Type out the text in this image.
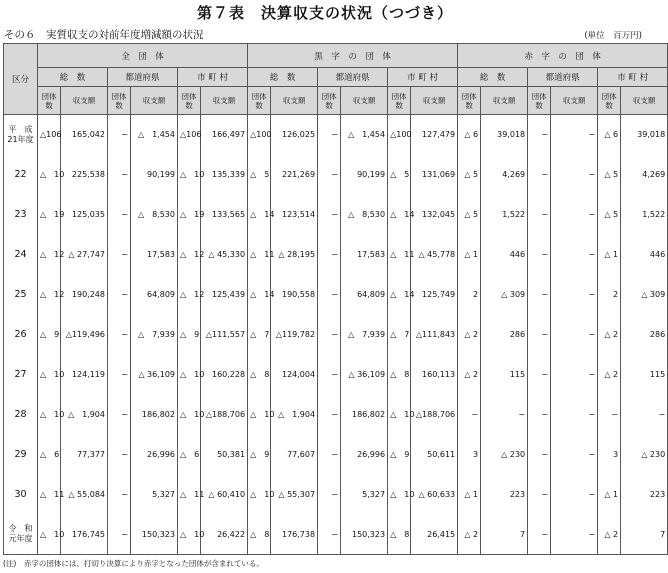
第７表　決算収支の状況（つづき）
その６　実質収支の対前年度増減額の状況	(単位　百万円)
区分	全　団　体						黒　字　の　団　体						赤　字　の　団　体					
	総　数		都道府県		市 町 村		総　数		都道府県		市 町 村		総　数		都道府県		市 町 村	
	団体数	収支額	団体数	収支額	団体数	収支額	団体数	収支額	団体数	収支額	団体数	収支額	団体数	収支額	団体数	収支額	団体数	収支額
平　成
21年度	△106	165,042	−	△　1,454	△106	166,497	△100	126,025	−	△　1,454	△100	127,479	△ 6	39,018	−	−	△ 6	39,018
22	△　10	225,538	−	90,199	△　10	135,339	△　5	221,269	−	90,199	△　5	131,069	△ 5	4,269	−	−	△ 5	4,269
23	△　19	125,035	−	△　8,530	△　19	133,565	△　14	123,514	−	△　8,530	△　14	132,045	△ 5	1,522	−	−	△ 5	1,522
24	△　12	△ 27,747	−	17,583	△　12	△ 45,330	△　11	△ 28,195	−	17,583	△　11	△ 45,778	△ 1	446	−	−	△ 1	446
25	△　12	190,248	−	64,809	△　12	125,439	△　14	190,558	−	64,809	△　14	125,749	2	△ 309	−	−	2	△ 309
26	△　9	△119,496	−	△　7,939	△　9	△111,557	△　7	△119,782	−	△　7,939	△　7	△111,843	△ 2	286	−	−	△ 2	286
27	△　10	124,119	−	△ 36,109	△　10	160,228	△　8	124,004	−	△ 36,109	△　8	160,113	△ 2	115	−	−	△ 2	115
28	△　10	△　1,904	−	186,802	△　10	△188,706	△　10	△　1,904	−	186,802	△　10	△188,706	−	−	−	−	−	−
29	△　6	77,377	−	26,996	△　6	50,381	△　9	77,607	−	26,996	△　9	50,611	3	△ 230	−	−	3	△ 230
30	△　11	△ 55,084	−	5,327	△　11	△ 60,410	△　10	△ 55,307	−	5,327	△　10	△ 60,633	△ 1	223	−	−	△ 1	223
令　和
元年度	△　10	176,745	−	150,323	△　10	26,422	△　8	176,738	−	150,323	△　8	26,415	△ 2	7	−	−	△ 2	7
(注)　赤字の団体には、打切り決算により赤字となった団体が含まれている。
